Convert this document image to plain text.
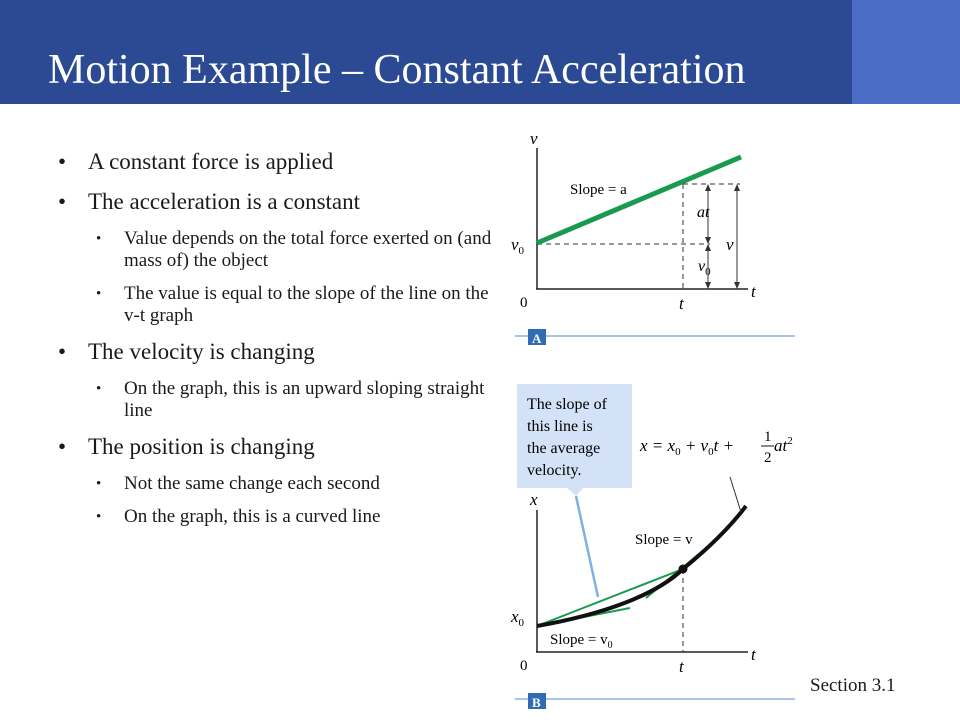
Motion Example – Constant Acceleration
• A constant force is applied
• The acceleration is a constant
• Value depends on the total force exerted on (and mass of) the object
• The value is equal to the slope of the line on the v-t graph
• The velocity is changing
• On the graph, this is an upward sloping straight line
• The position is changing
• Not the same change each second
• On the graph, this is a curved line
v
t
0
$v_0$
t
Slope = a
at
v
$v_0$
A
The slope of
this line is
the average
velocity.
x
t
0
$x_0$
t
Slope = v
Slope = $v_0$
$x = x_0 + v_0t + 1$
2
$at^2$
B
Section 3.1
